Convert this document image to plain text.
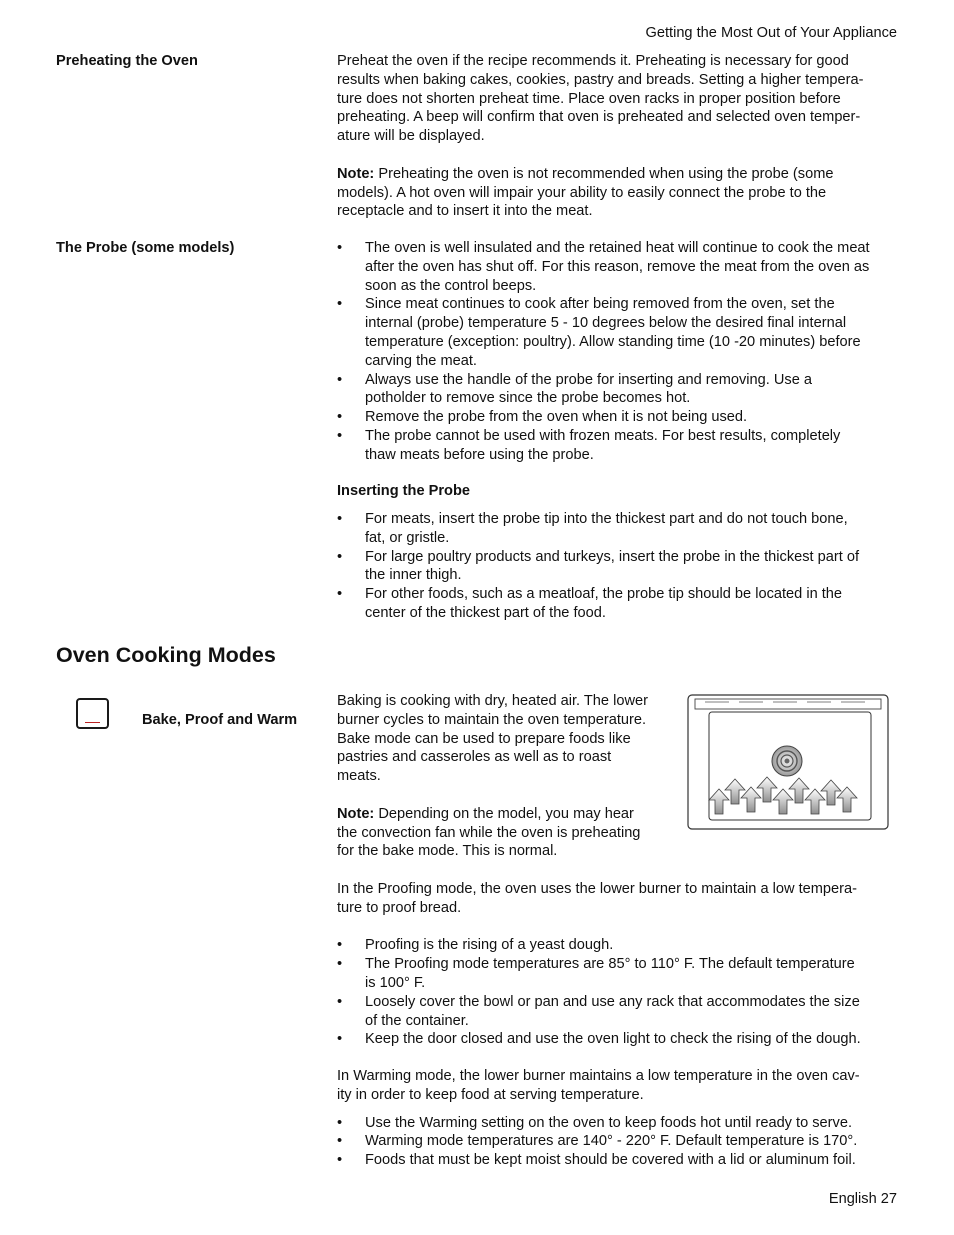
Getting the Most Out of Your Appliance
Preheating the Oven	Preheat the oven if the recipe recommends it. Preheating is necessary for good
results when baking cakes, cookies, pastry and breads. Setting a higher tempera-
ture does not shorten preheat time. Place oven racks in proper position before
preheating. A beep will confirm that oven is preheated and selected oven temper-
ature will be displayed.

Note: Preheating the oven is not recommended when using the probe (some
models). A hot oven will impair your ability to easily connect the probe to the
receptacle and to insert it into the meat.

The Probe (some models)
•	The oven is well insulated and the retained heat will continue to cook the meat
after the oven has shut off. For this reason, remove the meat from the oven as
soon as the control beeps.
• Since meat continues to cook after being removed from the oven, set the
internal (probe) temperature 5 - 10 degrees below the desired final internal
temperature (exception: poultry). Allow standing time (10 -20 minutes) before
carving the meat.
• Always use the handle of the probe for inserting and removing. Use a
potholder to remove since the probe becomes hot.
• Remove the probe from the oven when it is not being used.
• The probe cannot be used with frozen meats. For best results, completely
thaw meats before using the probe.
Inserting the Probe
• For meats, insert the probe tip into the thickest part and do not touch bone,
fat, or gristle.
• For large poultry products and turkeys, insert the probe in the thickest part of
the inner thigh.
• For other foods, such as a meatloaf, the probe tip should be located in the
center of the thickest part of the food.
Oven Cooking Modes
Bake, Proof and Warm

Baking is cooking with dry, heated air. The lower
burner cycles to maintain the oven temperature.
Bake mode can be used to prepare foods like
pastries and casseroles as well as to roast
meats.

Note: Depending on the model, you may hear
the convection fan while the oven is preheating
for the bake mode. This is normal.

In the Proofing mode, the oven uses the lower burner to maintain a low tempera-
ture to proof bread.

• Proofing is the rising of a yeast dough.
• The Proofing mode temperatures are 85° to 110° F. The default temperature
is 100° F.
• Loosely cover the bowl or pan and use any rack that accommodates the size
of the container.
• Keep the door closed and use the oven light to check the rising of the dough.

In Warming mode, the lower burner maintains a low temperature in the oven cav-
ity in order to keep food at serving temperature.

• Use the Warming setting on the oven to keep foods hot until ready to serve.
• Warming mode temperatures are 140° - 220° F. Default temperature is 170°.
• Foods that must be kept moist should be covered with a lid or aluminum foil.
English 27
